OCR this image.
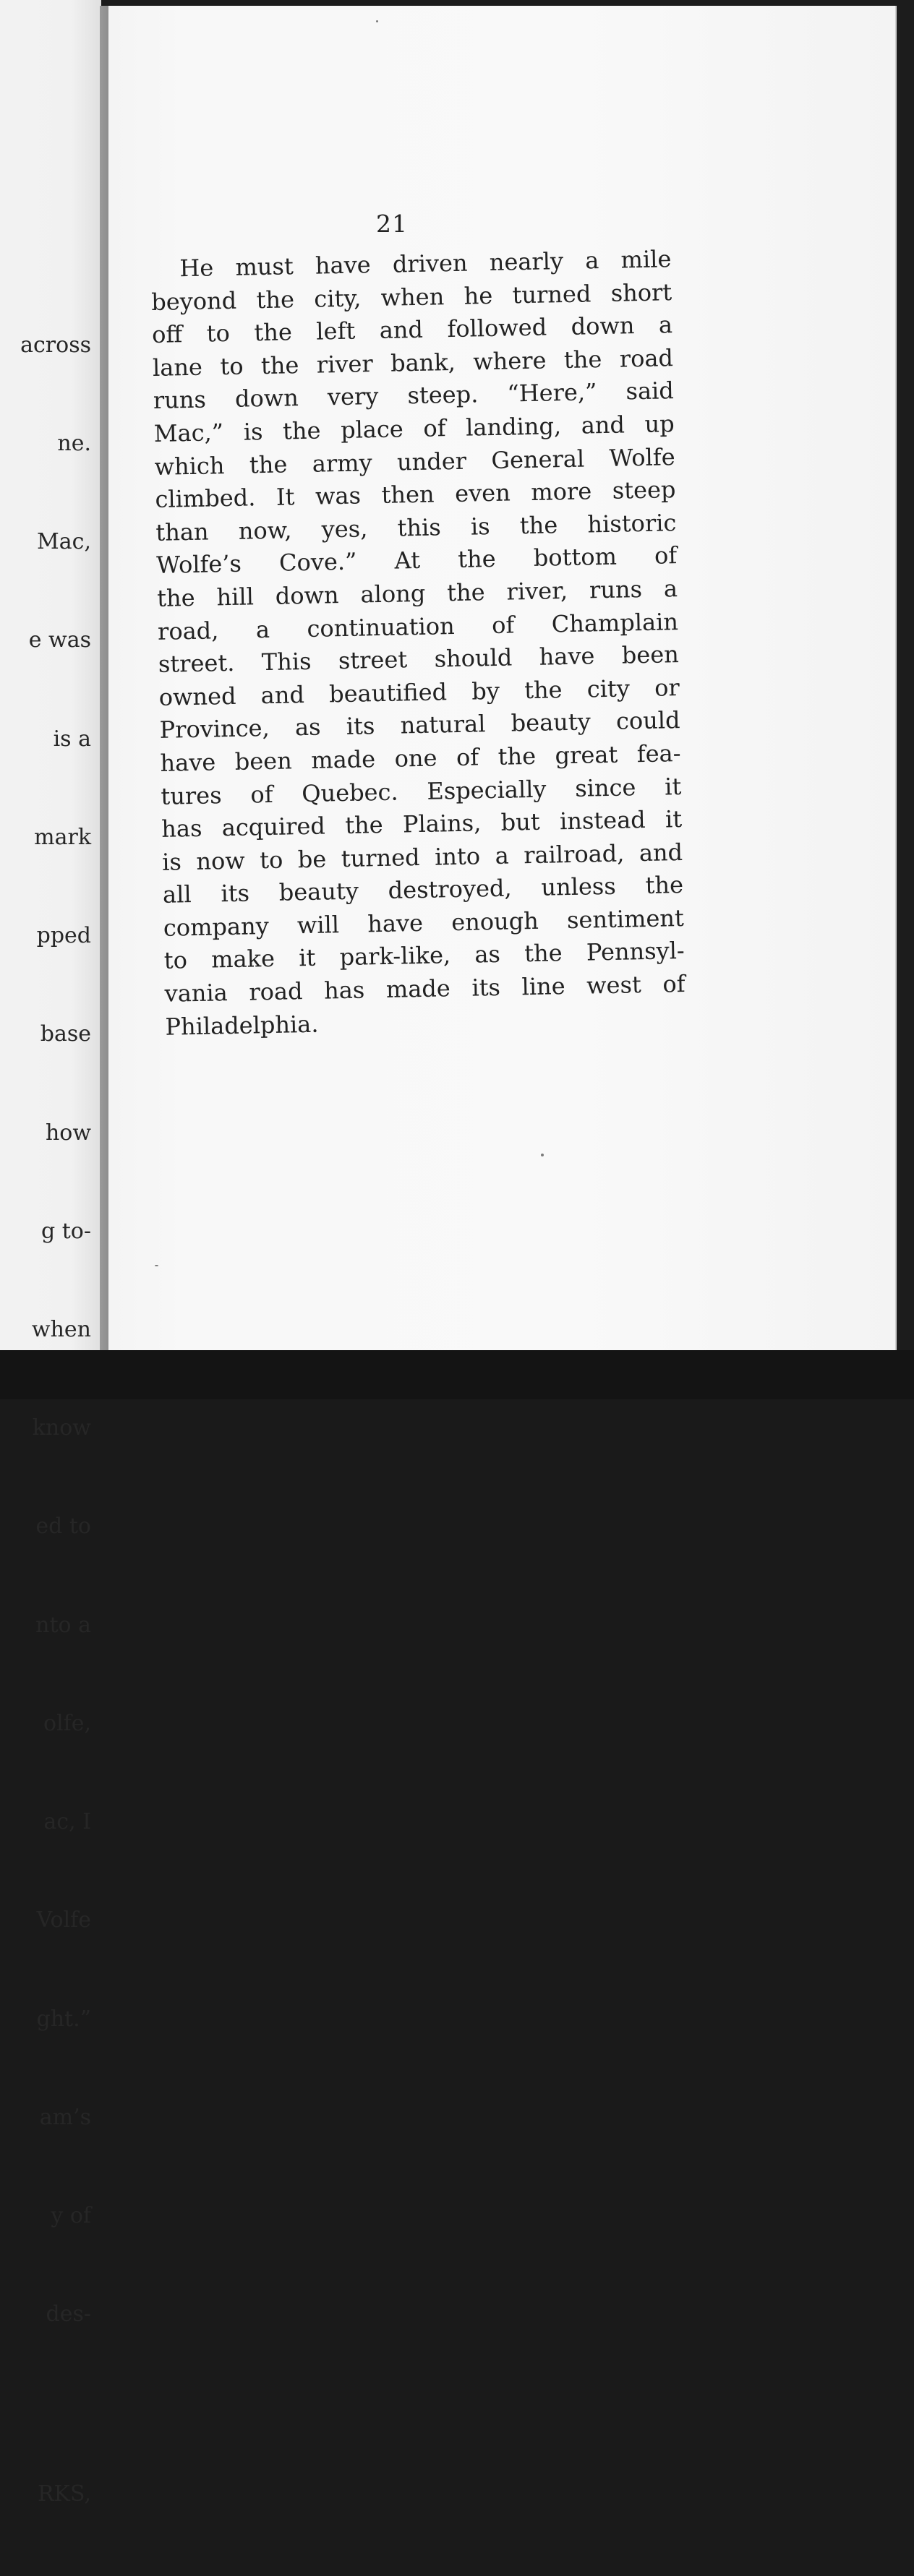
across

ne.

Mac,

e was

is a

mark

pped

base

how

g to-

when

know

ed to

nto a

olfe,

ac, I

Volfe

ght.”

am’s

y of

des-

RKS,

21
He must have driven nearly a mile
beyond the city, when he turned short
off to the left and followed down a
lane to the river bank, where the road
runs down very steep. “Here,” said
Mac,” is the place of landing, and up
which the army under General Wolfe
climbed. It was then even more steep
than now, yes, this is the historic
Wolfe’s Cove.” At the bottom of
the hill down along the river, runs a
road, a continuation of Champlain
street. This street should have been
owned and beautified by the city or
Province, as its natural beauty could
have been made one of the great fea-
tures of Quebec. Especially since it
has acquired the Plains, but instead it
is now to be turned into a railroad, and
all its beauty destroyed, unless the
company will have enough sentiment
to make it park-like, as the Pennsyl-
vania road has made its line west of
Philadelphia.
